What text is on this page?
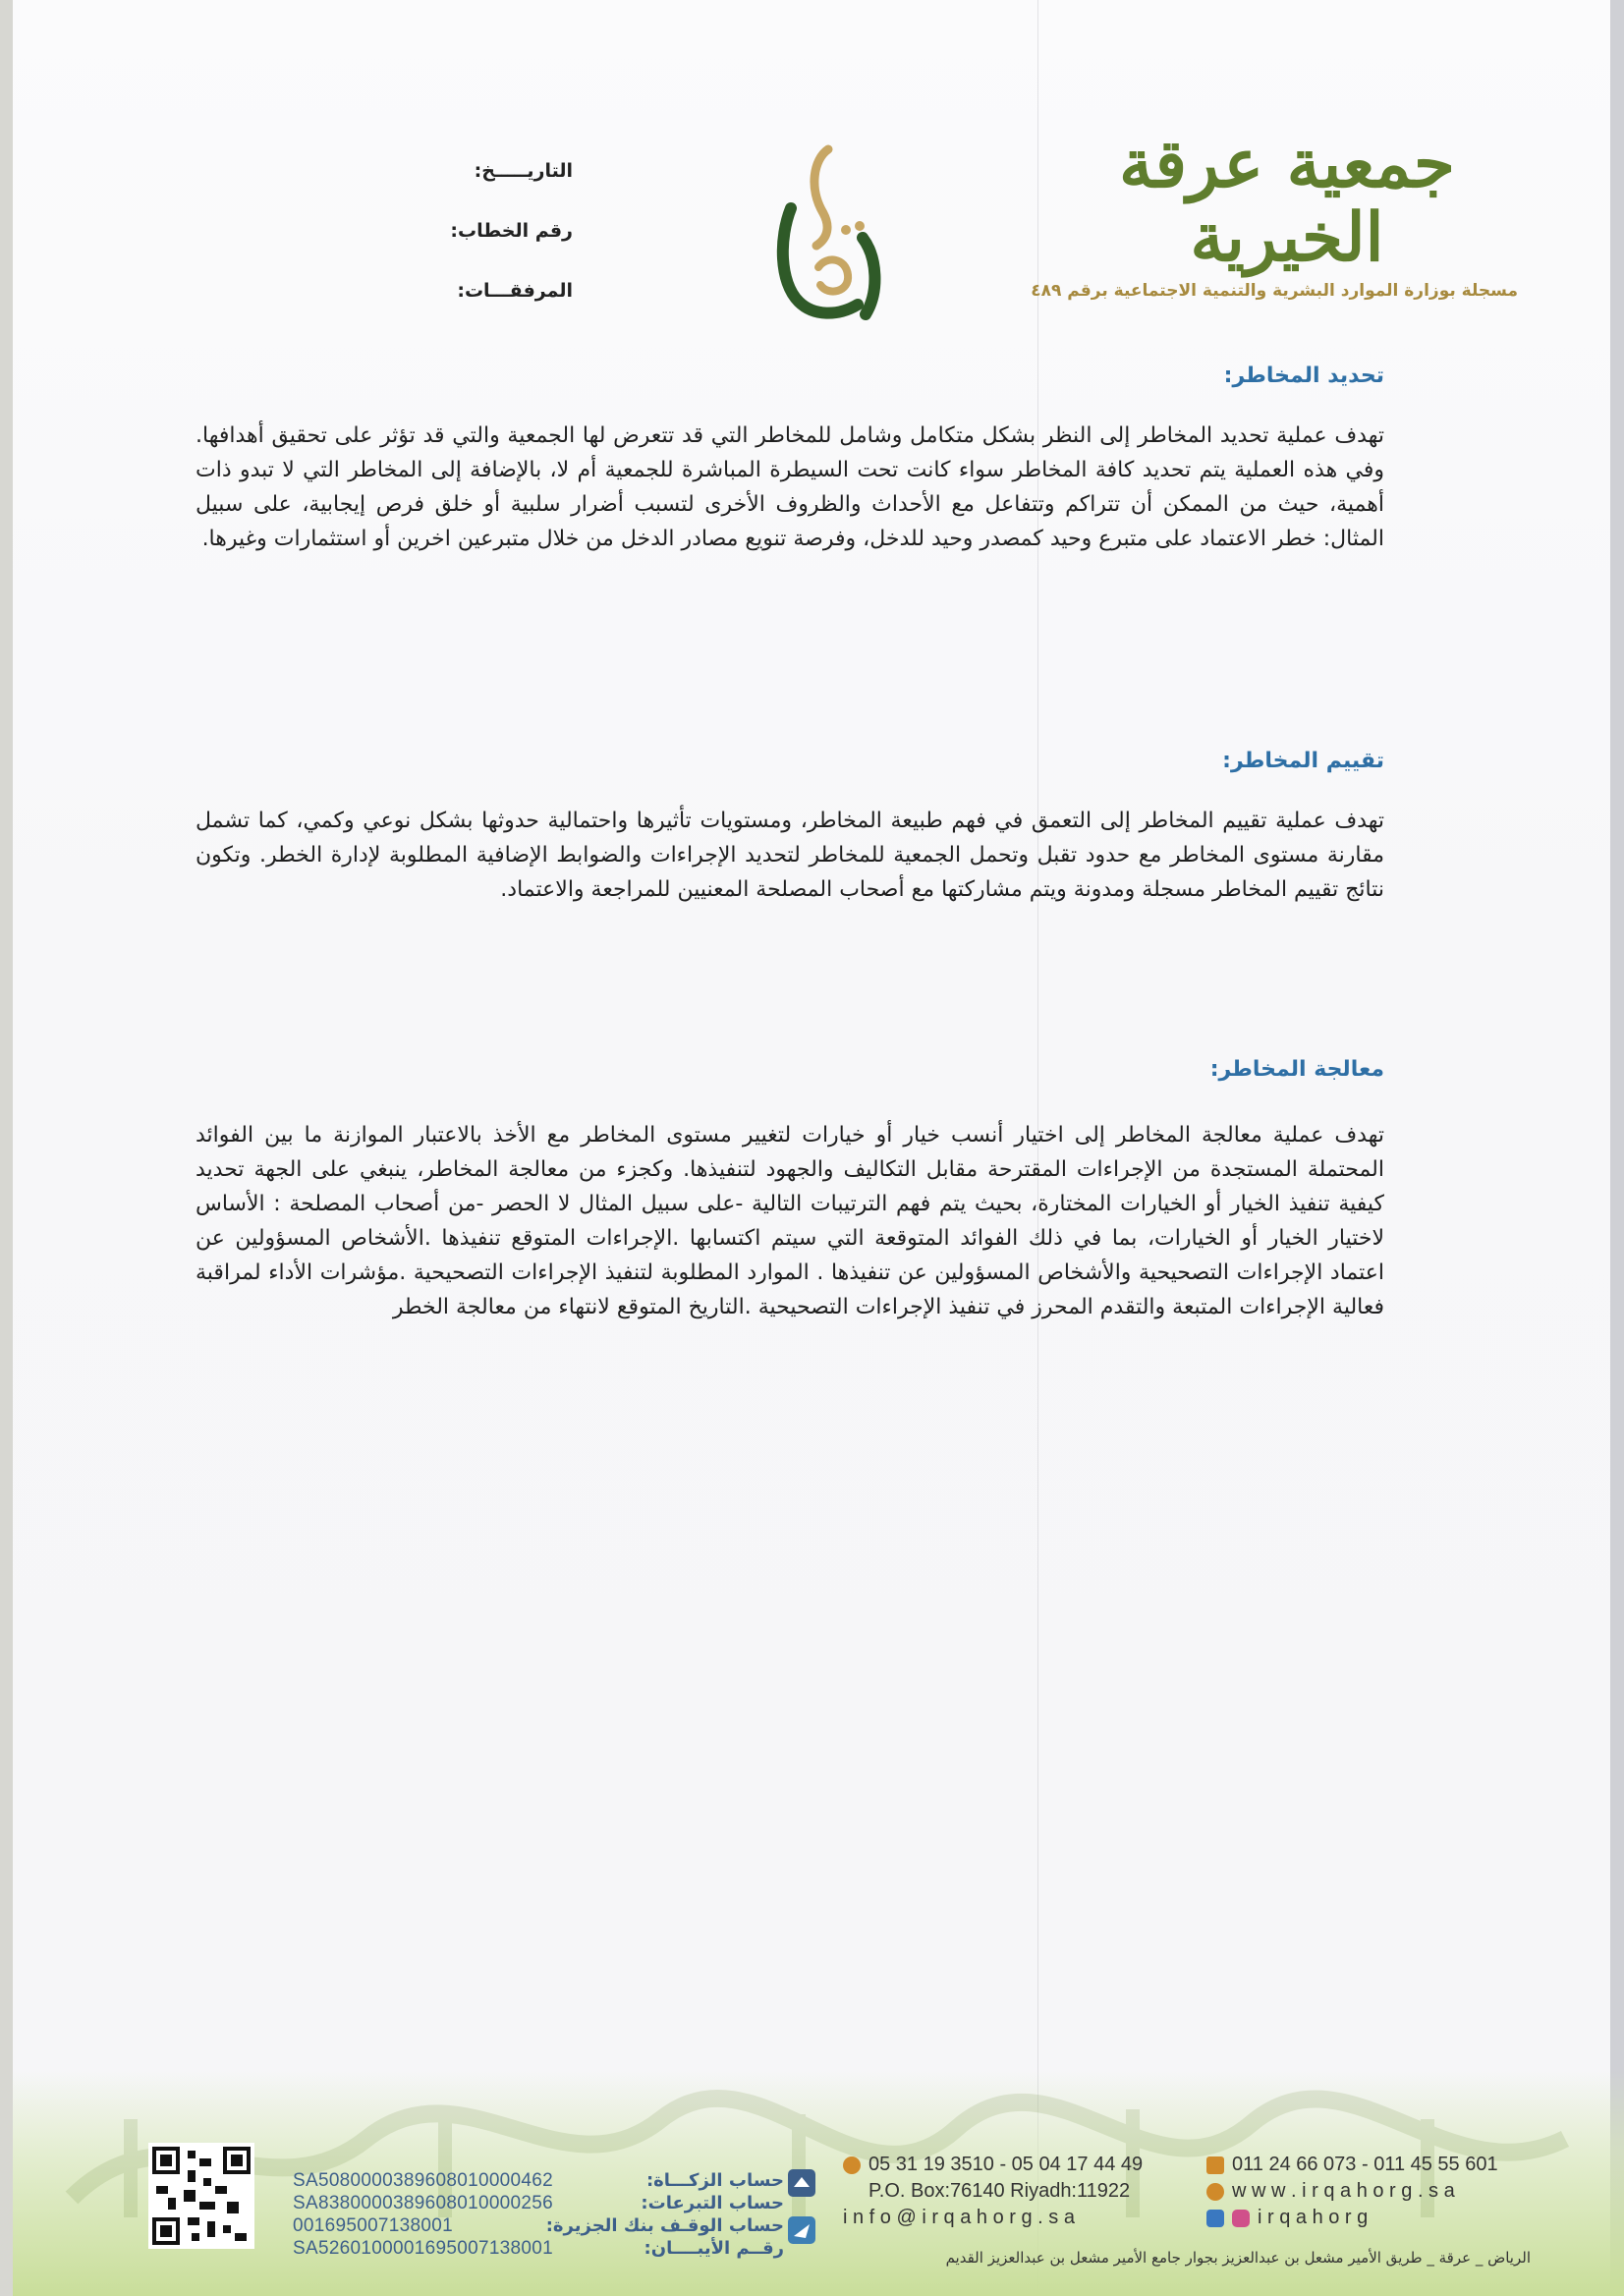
جمعية عرقة الخيرية
مسجلة بوزارة الموارد البشرية والتنمية الاجتماعية برقم ٤٨٩
التاريـــــخ:
رقم الخطاب:
المرفقـــات:
تحديد المخاطر:
تهدف عملية تحديد المخاطر إلى النظر بشكل متكامل وشامل للمخاطر التي قد تتعرض لها الجمعية والتي قد تؤثر على تحقيق أهدافها. وفي هذه العملية يتم تحديد كافة المخاطر سواء كانت تحت السيطرة المباشرة للجمعية أم لا، بالإضافة إلى المخاطر التي لا تبدو ذات أهمية، حيث من الممكن أن تتراكم وتتفاعل مع الأحداث والظروف الأخرى لتسبب أضرار سلبية أو خلق فرص إيجابية، على سبيل المثال: خطر الاعتماد على متبرع وحيد كمصدر وحيد للدخل، وفرصة تنويع مصادر الدخل من خلال متبرعين اخرين أو استثمارات وغيرها.
تقييم المخاطر:
تهدف عملية تقييم المخاطر إلى التعمق في فهم طبيعة المخاطر، ومستويات تأثيرها واحتمالية حدوثها بشكل نوعي وكمي، كما تشمل مقارنة مستوى المخاطر مع حدود تقبل وتحمل الجمعية للمخاطر لتحديد الإجراءات والضوابط الإضافية المطلوبة لإدارة الخطر. وتكون نتائج تقييم المخاطر مسجلة ومدونة ويتم مشاركتها مع أصحاب المصلحة المعنيين للمراجعة والاعتماد.
معالجة المخاطر:
تهدف عملية معالجة المخاطر إلى اختيار أنسب خيار أو خيارات لتغيير مستوى المخاطر مع الأخذ بالاعتبار الموازنة ما بين الفوائد المحتملة المستجدة من الإجراءات المقترحة مقابل التكاليف والجهود لتنفيذها. وكجزء من معالجة المخاطر، ينبغي على الجهة تحديد كيفية تنفيذ الخيار أو الخيارات المختارة، بحيث يتم فهم الترتيبات التالية -على سبيل المثال لا الحصر -من أصحاب المصلحة : الأساس لاختيار الخيار أو الخيارات، بما في ذلك الفوائد المتوقعة التي سيتم اكتسابها .الإجراءات المتوقع تنفيذها .الأشخاص المسؤولين عن اعتماد الإجراءات التصحيحية والأشخاص المسؤولين عن تنفيذها . الموارد المطلوبة لتنفيذ الإجراءات التصحيحية .مؤشرات الأداء لمراقبة فعالية الإجراءات المتبعة والتقدم المحرز في تنفيذ الإجراءات التصحيحية .التاريخ المتوقع لانتهاء من معالجة الخطر
SA5080000389608010000462	حساب الزكـــاة:
SA8380000389608010000256	حساب التبرعات:
001695007138001	حساب الوقـف بنك الجزيرة:
SA5260100001695007138001	رقــم الأيبــــان:
05 31 19 3510 - 05 04 17 44 49
P.O. Box:76140 Riyadh:11922
i n f o @ i r q a h o r g . s a
011 24 66 073 - 011 45 55 601
w w w . i r q a h o r g . s a
i r q a h o r g
الرياض _ عرقة _ طريق الأمير مشعل بن عبدالعزيز بجوار جامع الأمير مشعل بن عبدالعزيز القديم
